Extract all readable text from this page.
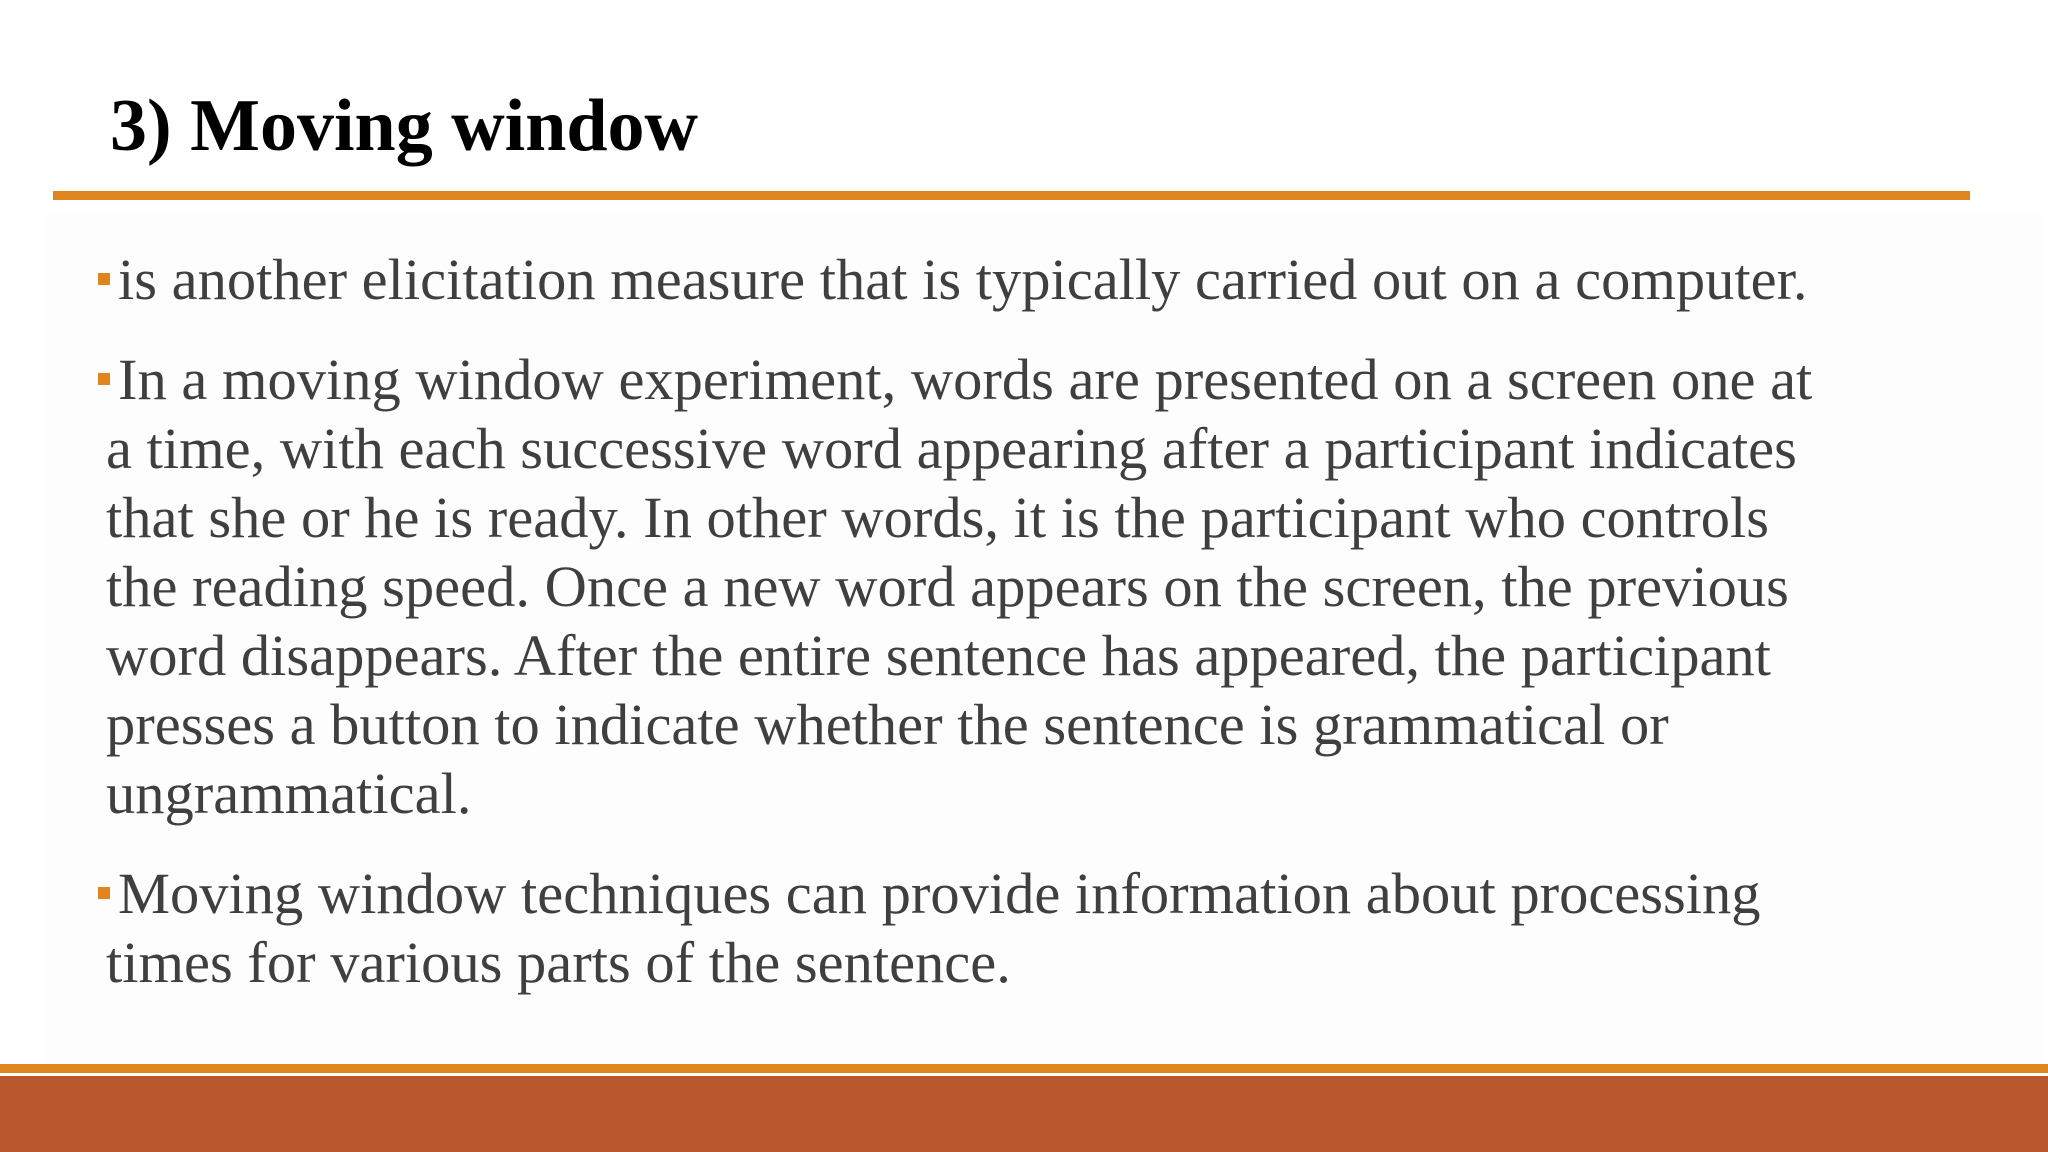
3) Moving window
is another elicitation measure that is typically carried out on a computer.
In a moving window experiment, words are presented on a screen one at
a time, with each successive word appearing after a participant indicates
that she or he is ready. In other words, it is the participant who controls
the reading speed. Once a new word appears on the screen, the previous
word disappears. After the entire sentence has appeared, the participant
presses a button to indicate whether the sentence is grammatical or
ungrammatical.
Moving window techniques can provide information about processing
times for various parts of the sentence.
